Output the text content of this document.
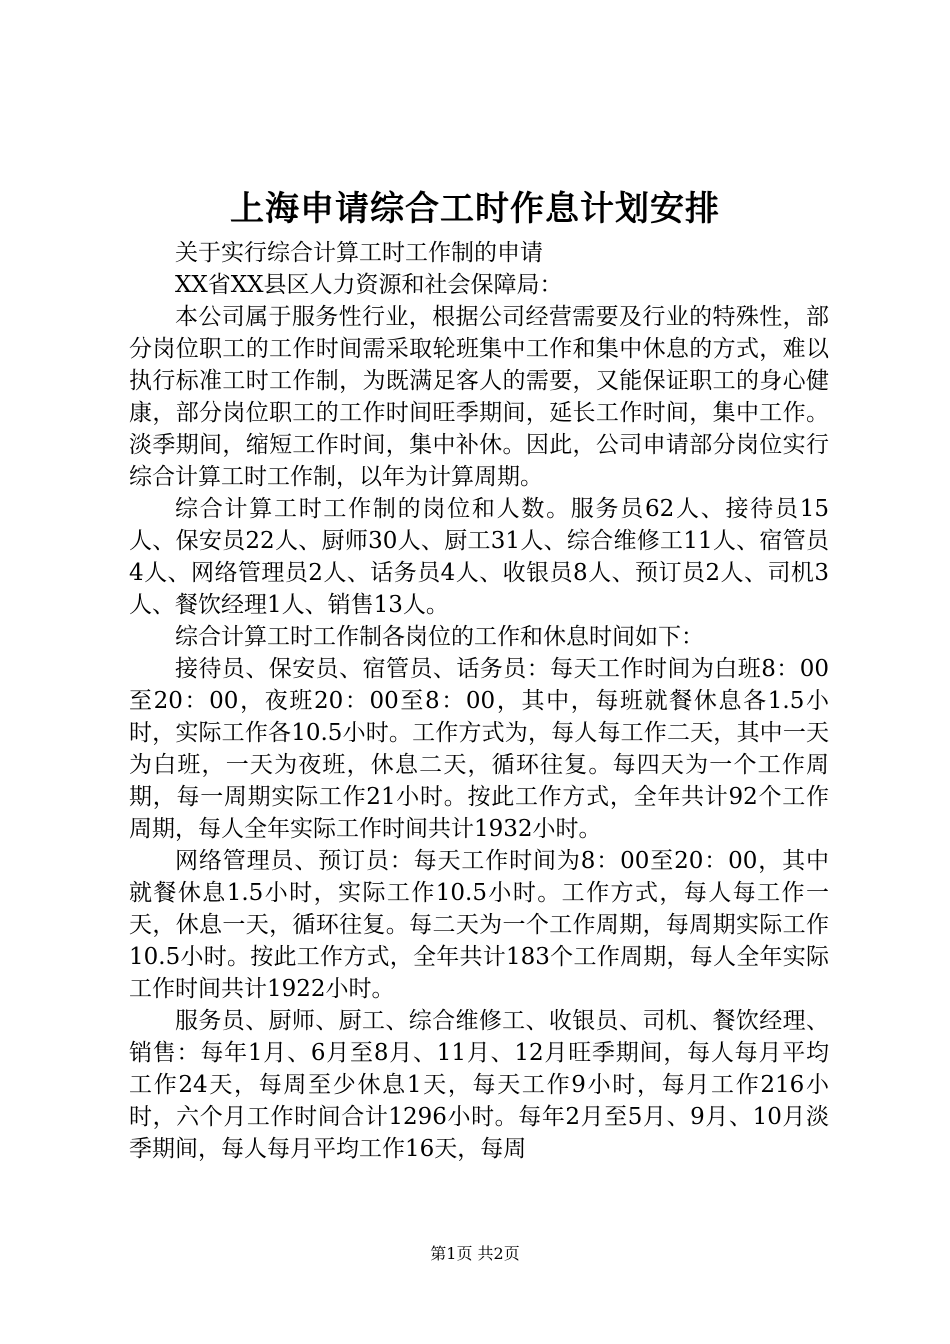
上海申请综合工时作息计划安排

关于实行综合计算工时工作制的申请

XX省XX县区人力资源和社会保障局：

本公司属于服务性行业，根据公司经营需要及行业的特殊性，部分岗位职工的工作时间需采取轮班集中工作和集中休息的方式，难以执行标准工时工作制，为既满足客人的需要，又能保证职工的身心健康，部分岗位职工的工作时间旺季期间，延长工作时间，集中工作。淡季期间，缩短工作时间，集中补休。因此，公司申请部分岗位实行综合计算工时工作制，以年为计算周期。

综合计算工时工作制的岗位和人数。服务员62人、接待员15人、保安员22人、厨师30人、厨工31人、综合维修工11人、宿管员4人、网络管理员2人、话务员4人、收银员8人、预订员2人、司机3人、餐饮经理1人、销售13人。

综合计算工时工作制各岗位的工作和休息时间如下：

接待员、保安员、宿管员、话务员：每天工作时间为白班8：00至20：00，夜班20：00至8：00，其中，每班就餐休息各1.5小时，实际工作各10.5小时。工作方式为，每人每工作二天，其中一天为白班，一天为夜班，休息二天，循环往复。每四天为一个工作周期，每一周期实际工作21小时。按此工作方式，全年共计92个工作周期，每人全年实际工作时间共计1932小时。

网络管理员、预订员：每天工作时间为8：00至20：00，其中就餐休息1.5小时，实际工作10.5小时。工作方式，每人每工作一天，休息一天，循环往复。每二天为一个工作周期，每周期实际工作10.5小时。按此工作方式，全年共计183个工作周期，每人全年实际工作时间共计1922小时。

服务员、厨师、厨工、综合维修工、收银员、司机、餐饮经理、销售：每年1月、6月至8月、11月、12月旺季期间，每人每月平均工作24天，每周至少休息1天，每天工作9小时，每月工作216小时，六个月工作时间合计1296小时。每年2月至5月、9月、10月淡季期间，每人每月平均工作16天，每周

第1页 共2页
